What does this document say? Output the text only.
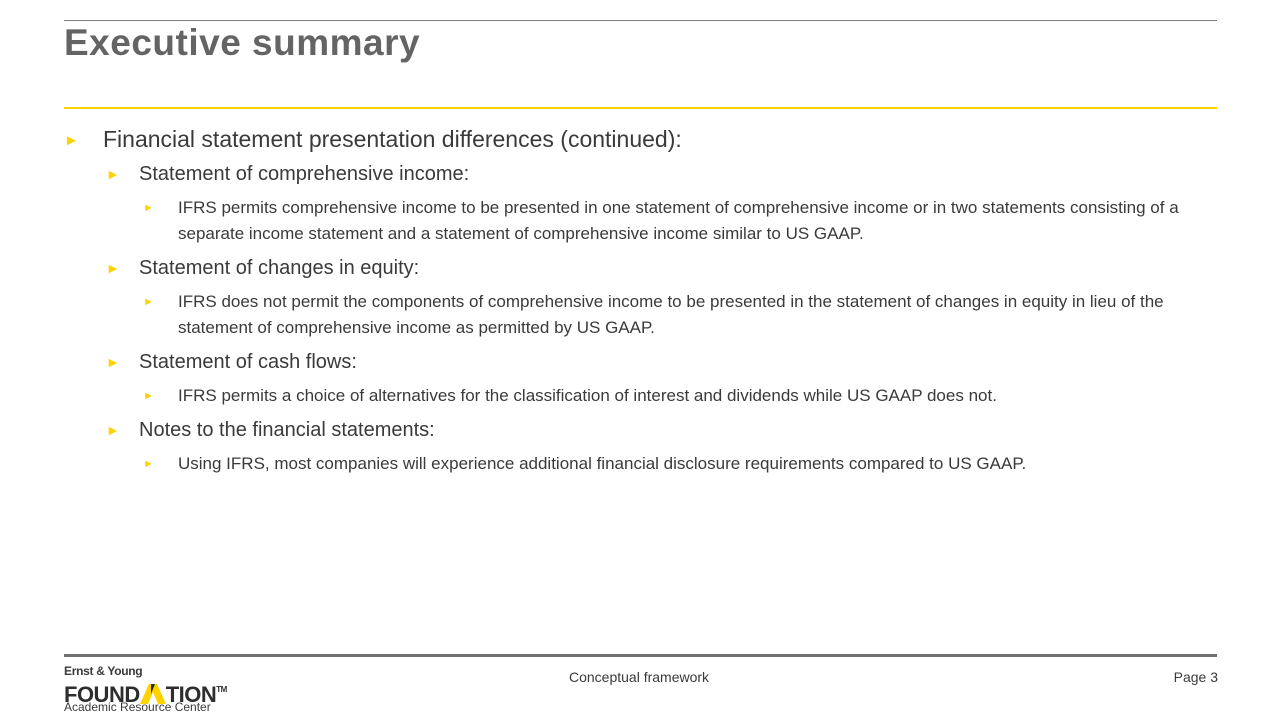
Executive summary
► Financial statement presentation differences (continued):
► Statement of comprehensive income:
► IFRS permits comprehensive income to be presented in one statement of comprehensive income or in two statements consisting of a separate income statement and a statement of comprehensive income similar to US GAAP.
► Statement of changes in equity:
► IFRS does not permit the components of comprehensive income to be presented in the statement of changes in equity in lieu of the statement of comprehensive income as permitted by US GAAP.
► Statement of cash flows:
► IFRS permits a choice of alternatives for the classification of interest and dividends while US GAAP does not.
► Notes to the financial statements:
► Using IFRS, most companies will experience additional financial disclosure requirements compared to US GAAP.
Ernst & Young
FOUND TION™
Academic Resource Center
Conceptual framework	Page 3
